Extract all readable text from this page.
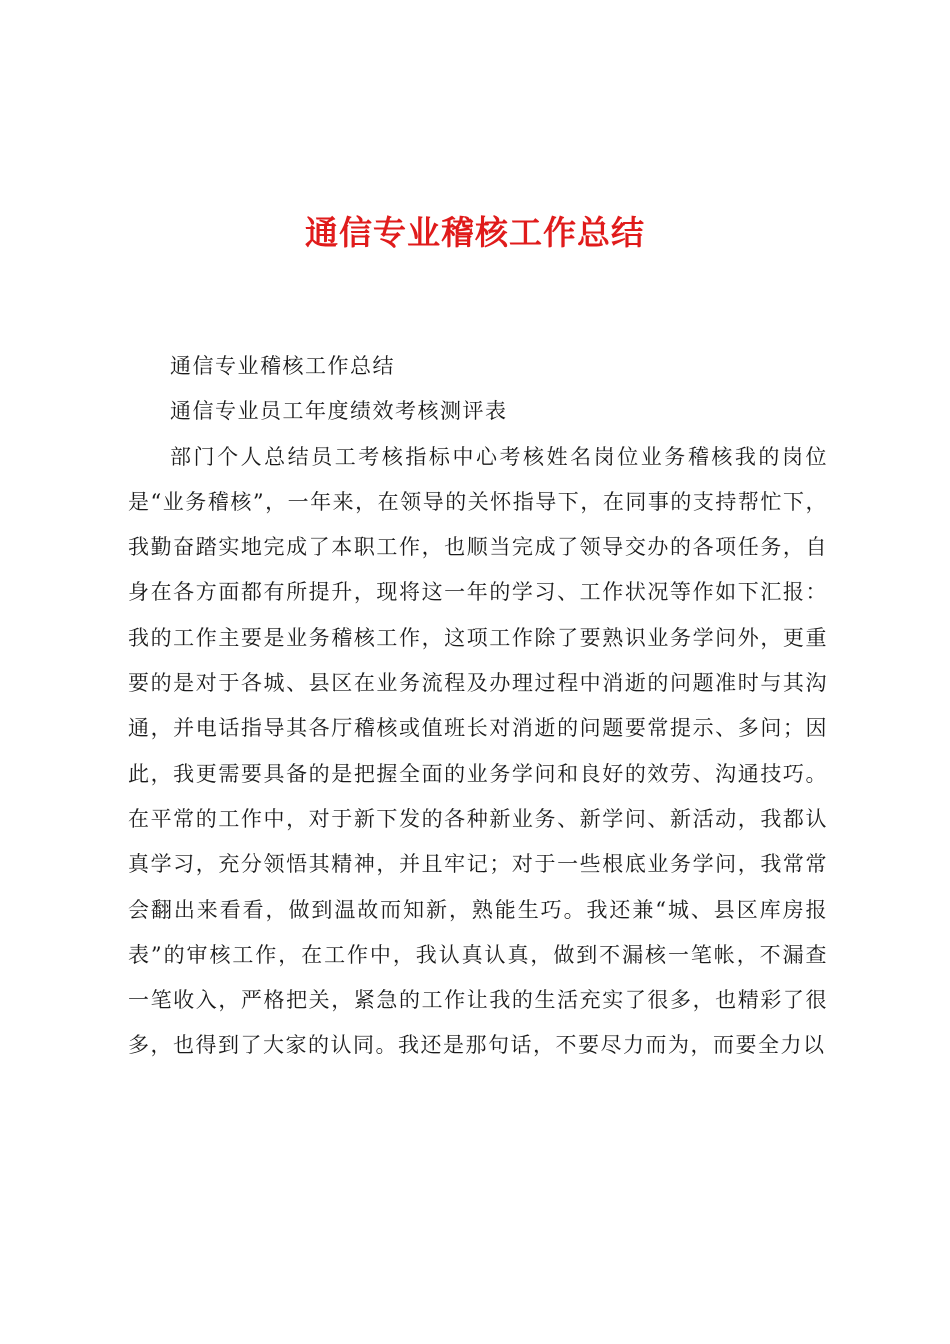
通信专业稽核工作总结

通信专业稽核工作总结

通信专业员工年度绩效考核测评表

部门个人总结员工考核指标中心考核姓名岗位业务稽核我的岗位是“业务稽核”，一年来，在领导的关怀指导下，在同事的支持帮忙下，我勤奋踏实地完成了本职工作，也顺当完成了领导交办的各项任务，自身在各方面都有所提升，现将这一年的学习、工作状况等作如下汇报：我的工作主要是业务稽核工作，这项工作除了要熟识业务学问外，更重要的是对于各城、县区在业务流程及办理过程中消逝的问题准时与其沟通，并电话指导其各厅稽核或值班长对消逝的问题要常提示、多问；因此，我更需要具备的是把握全面的业务学问和良好的效劳、沟通技巧。在平常的工作中，对于新下发的各种新业务、新学问、新活动，我都认真学习，充分领悟其精神，并且牢记；对于一些根底业务学问，我常常会翻出来看看，做到温故而知新，熟能生巧。我还兼“城、县区库房报表”的审核工作，在工作中，我认真认真，做到不漏核一笔帐，不漏查一笔收入，严格把关，紧急的工作让我的生活充实了很多，也精彩了很多，也得到了大家的认同。我还是那句话，不要尽力而为，而要全力以
